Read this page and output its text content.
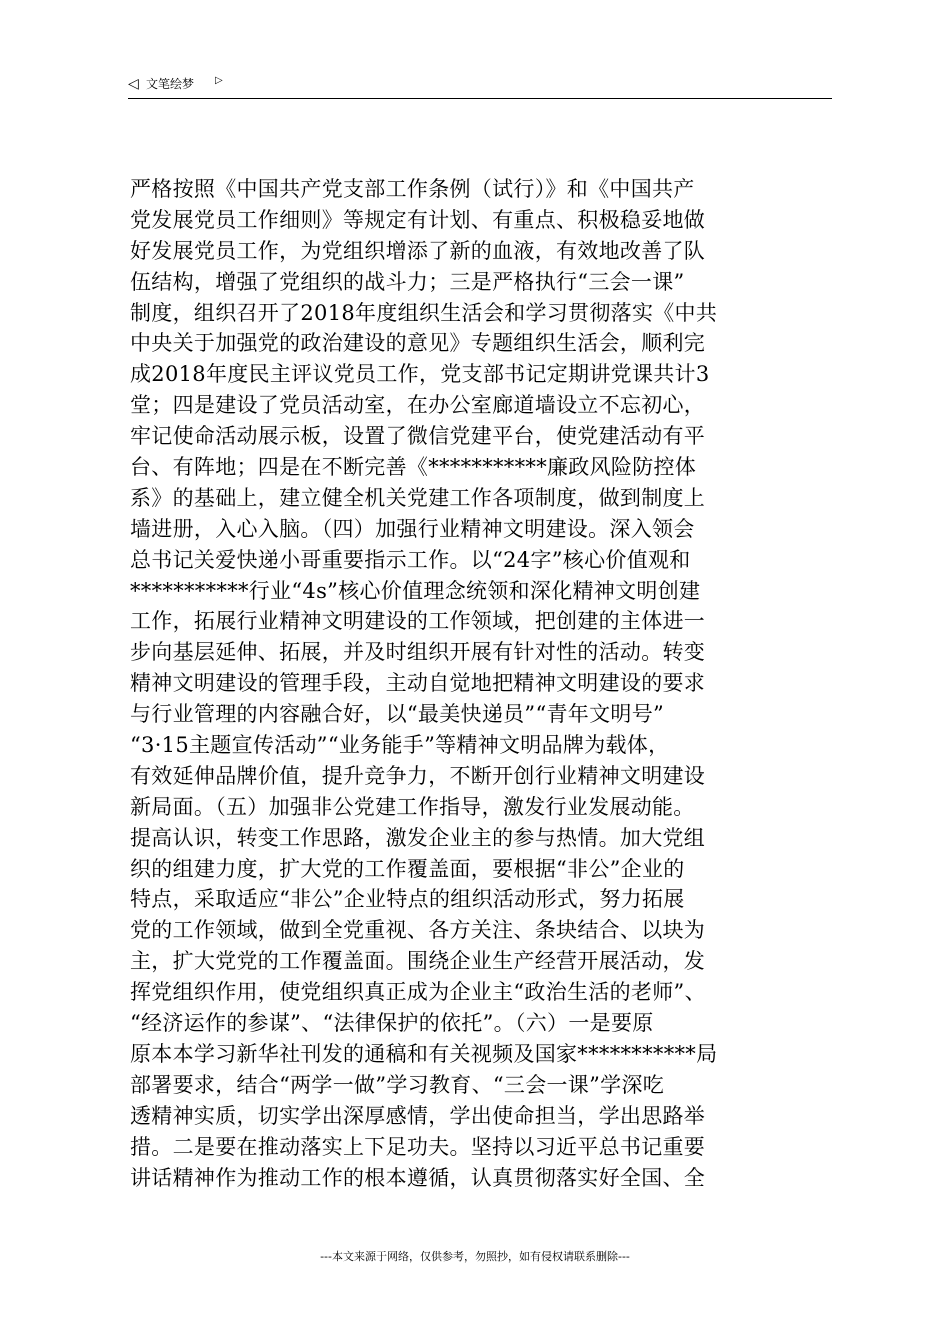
◁ 文笔绘梦 ▷
严格按照《中国共产党支部工作条例（试行）》和《中国共产
党发展党员工作细则》等规定有计划、有重点、积极稳妥地做
好发展党员工作，为党组织增添了新的血液，有效地改善了队
伍结构，增强了党组织的战斗力；三是严格执行“三会一课”
制度，组织召开了2018年度组织生活会和学习贯彻落实《中共
中央关于加强党的政治建设的意见》专题组织生活会，顺利完
成2018年度民主评议党员工作，党支部书记定期讲党课共计3
堂；四是建设了党员活动室，在办公室廊道墙设立不忘初心，
牢记使命活动展示板，设置了微信党建平台，使党建活动有平
台、有阵地；四是在不断完善《***********廉政风险防控体
系》的基础上，建立健全机关党建工作各项制度，做到制度上
墙进册，入心入脑。（四）加强行业精神文明建设。深入领会
总书记关爱快递小哥重要指示工作。以“24字”核心价值观和
***********行业“4s”核心价值理念统领和深化精神文明创建
工作，拓展行业精神文明建设的工作领域，把创建的主体进一
步向基层延伸、拓展，并及时组织开展有针对性的活动。转变
精神文明建设的管理手段，主动自觉地把精神文明建设的要求
与行业管理的内容融合好，以“最美快递员”“青年文明号”
“3·15主题宣传活动”“业务能手”等精神文明品牌为载体，
有效延伸品牌价值，提升竞争力，不断开创行业精神文明建设
新局面。（五）加强非公党建工作指导，激发行业发展动能。
提高认识，转变工作思路，激发企业主的参与热情。加大党组
织的组建力度，扩大党的工作覆盖面，要根据“非公”企业的
特点，采取适应“非公”企业特点的组织活动形式，努力拓展
党的工作领域，做到全党重视、各方关注、条块结合、以块为
主，扩大党党的工作覆盖面。围绕企业生产经营开展活动，发
挥党组织作用，使党组织真正成为企业主“政治生活的老师”、
“经济运作的参谋”、“法律保护的依托”。（六）一是要原
原本本学习新华社刊发的通稿和有关视频及国家***********局
部署要求，结合“两学一做”学习教育、“三会一课”学深吃
透精神实质，切实学出深厚感情，学出使命担当，学出思路举
措。二是要在推动落实上下足功夫。坚持以习近平总书记重要
讲话精神作为推动工作的根本遵循，认真贯彻落实好全国、全
---本文来源于网络，仅供参考，勿照抄，如有侵权请联系删除---
